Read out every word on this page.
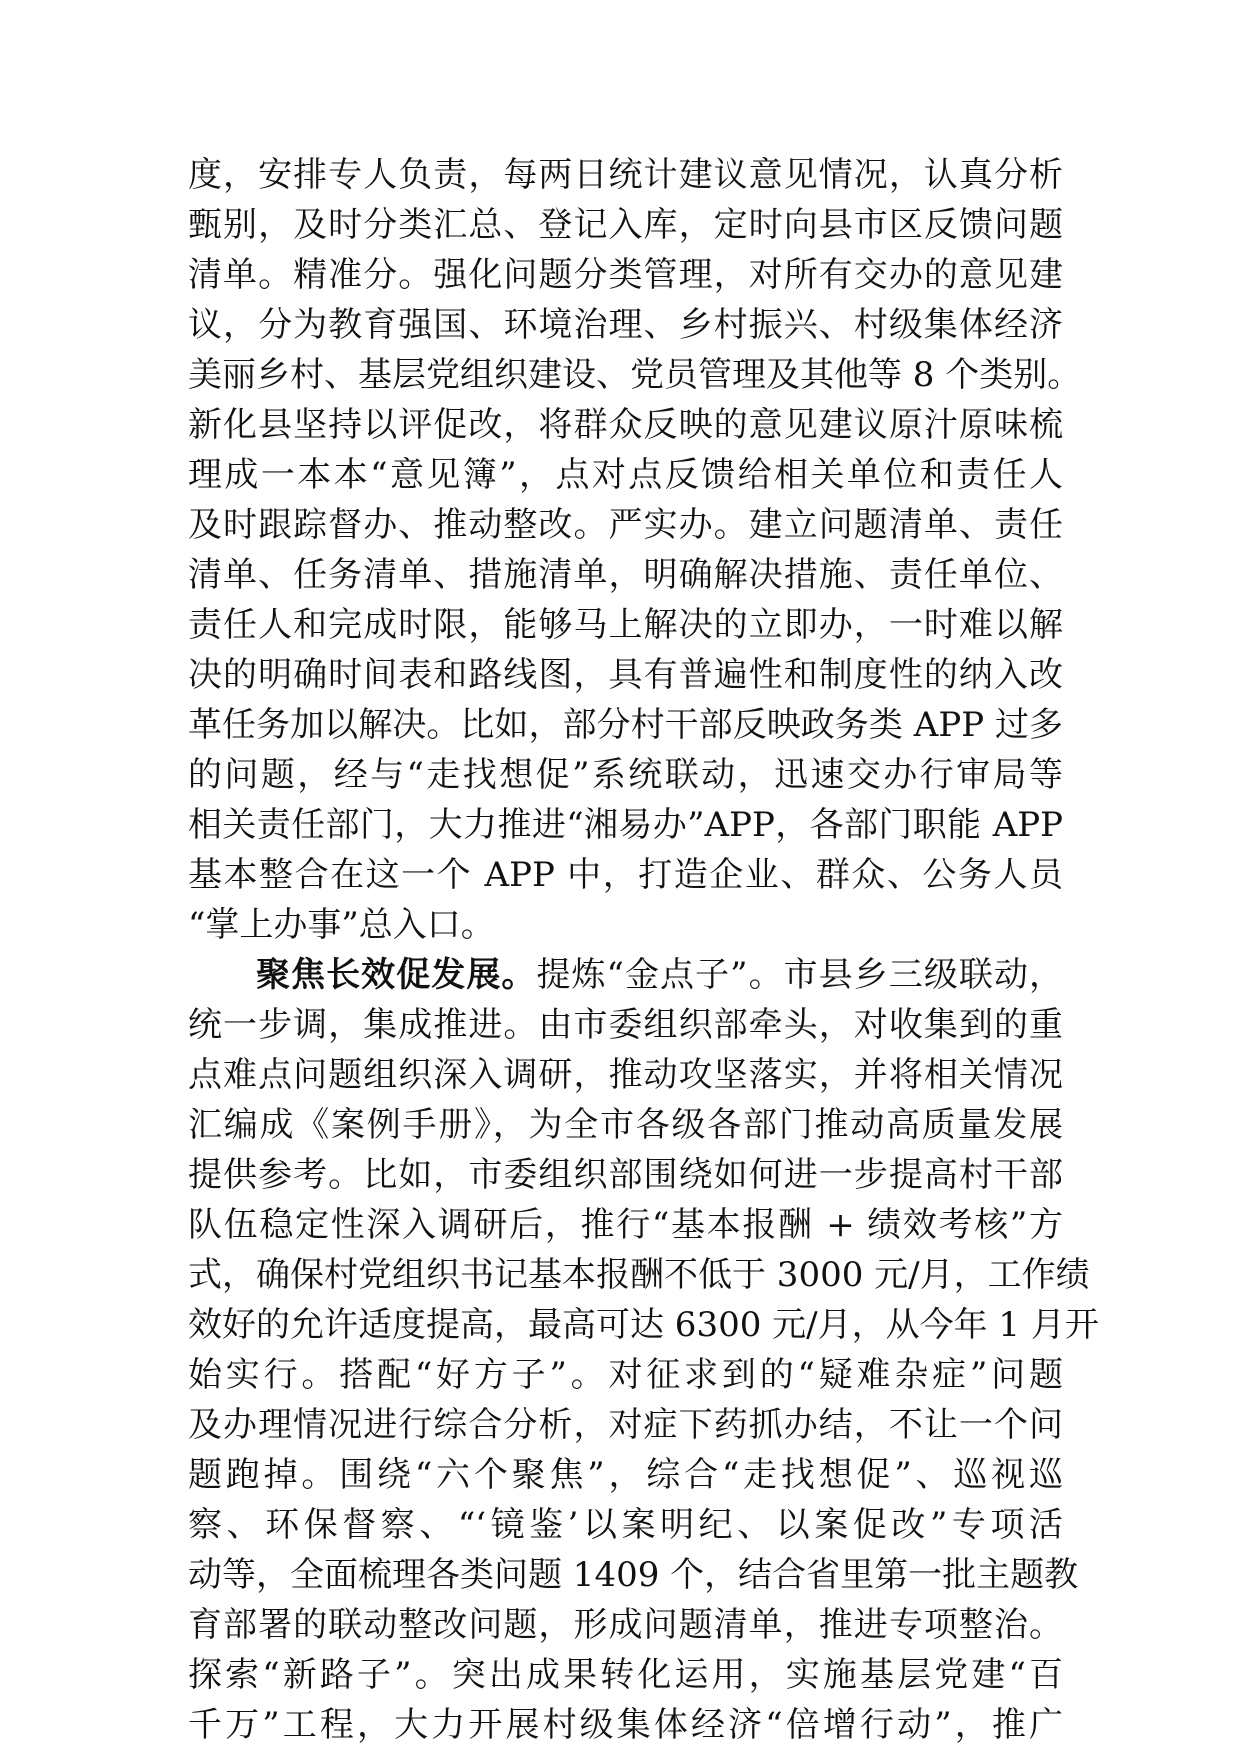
度，安排专人负责，每两日统计建议意见情况，认真分析
甄别，及时分类汇总、登记入库，定时向县市区反馈问题
清单。精准分。强化问题分类管理，对所有交办的意见建
议，分为教育强国、环境治理、乡村振兴、村级集体经济
美丽乡村、基层党组织建设、党员管理及其他等 8 个类别。
新化县坚持以评促改，将群众反映的意见建议原汁原味梳
理成一本本“意见簿”，点对点反馈给相关单位和责任人
及时跟踪督办、推动整改。严实办。建立问题清单、责任
清单、任务清单、措施清单，明确解决措施、责任单位、
责任人和完成时限，能够马上解决的立即办，一时难以解
决的明确时间表和路线图，具有普遍性和制度性的纳入改
革任务加以解决。比如，部分村干部反映政务类 APP 过多
的问题，经与“走找想促”系统联动，迅速交办行审局等
相关责任部门，大力推进“湘易办”APP，各部门职能 APP
基本整合在这一个 APP 中，打造企业、群众、公务人员
“掌上办事”总入口。
聚焦长效促发展。提炼“金点子”。市县乡三级联动，
统一步调，集成推进。由市委组织部牵头，对收集到的重
点难点问题组织深入调研，推动攻坚落实，并将相关情况
汇编成《案例手册》，为全市各级各部门推动高质量发展
提供参考。比如，市委组织部围绕如何进一步提高村干部
队伍稳定性深入调研后，推行“基本报酬 + 绩效考核”方
式，确保村党组织书记基本报酬不低于 3000 元/月，工作绩
效好的允许适度提高，最高可达 6300 元/月，从今年 1 月开
始实行。搭配“好方子”。对征求到的“疑难杂症”问题
及办理情况进行综合分析，对症下药抓办结，不让一个问
题跑掉。围绕“六个聚焦”，综合“走找想促”、巡视巡
察、环保督察、“‘镜鉴’以案明纪、以案促改”专项活
动等，全面梳理各类问题 1409 个，结合省里第一批主题教
育部署的联动整改问题，形成问题清单，推进专项整治。
探索“新路子”。突出成果转化运用，实施基层党建“百
千万”工程，大力开展村级集体经济“倍增行动”，推广
